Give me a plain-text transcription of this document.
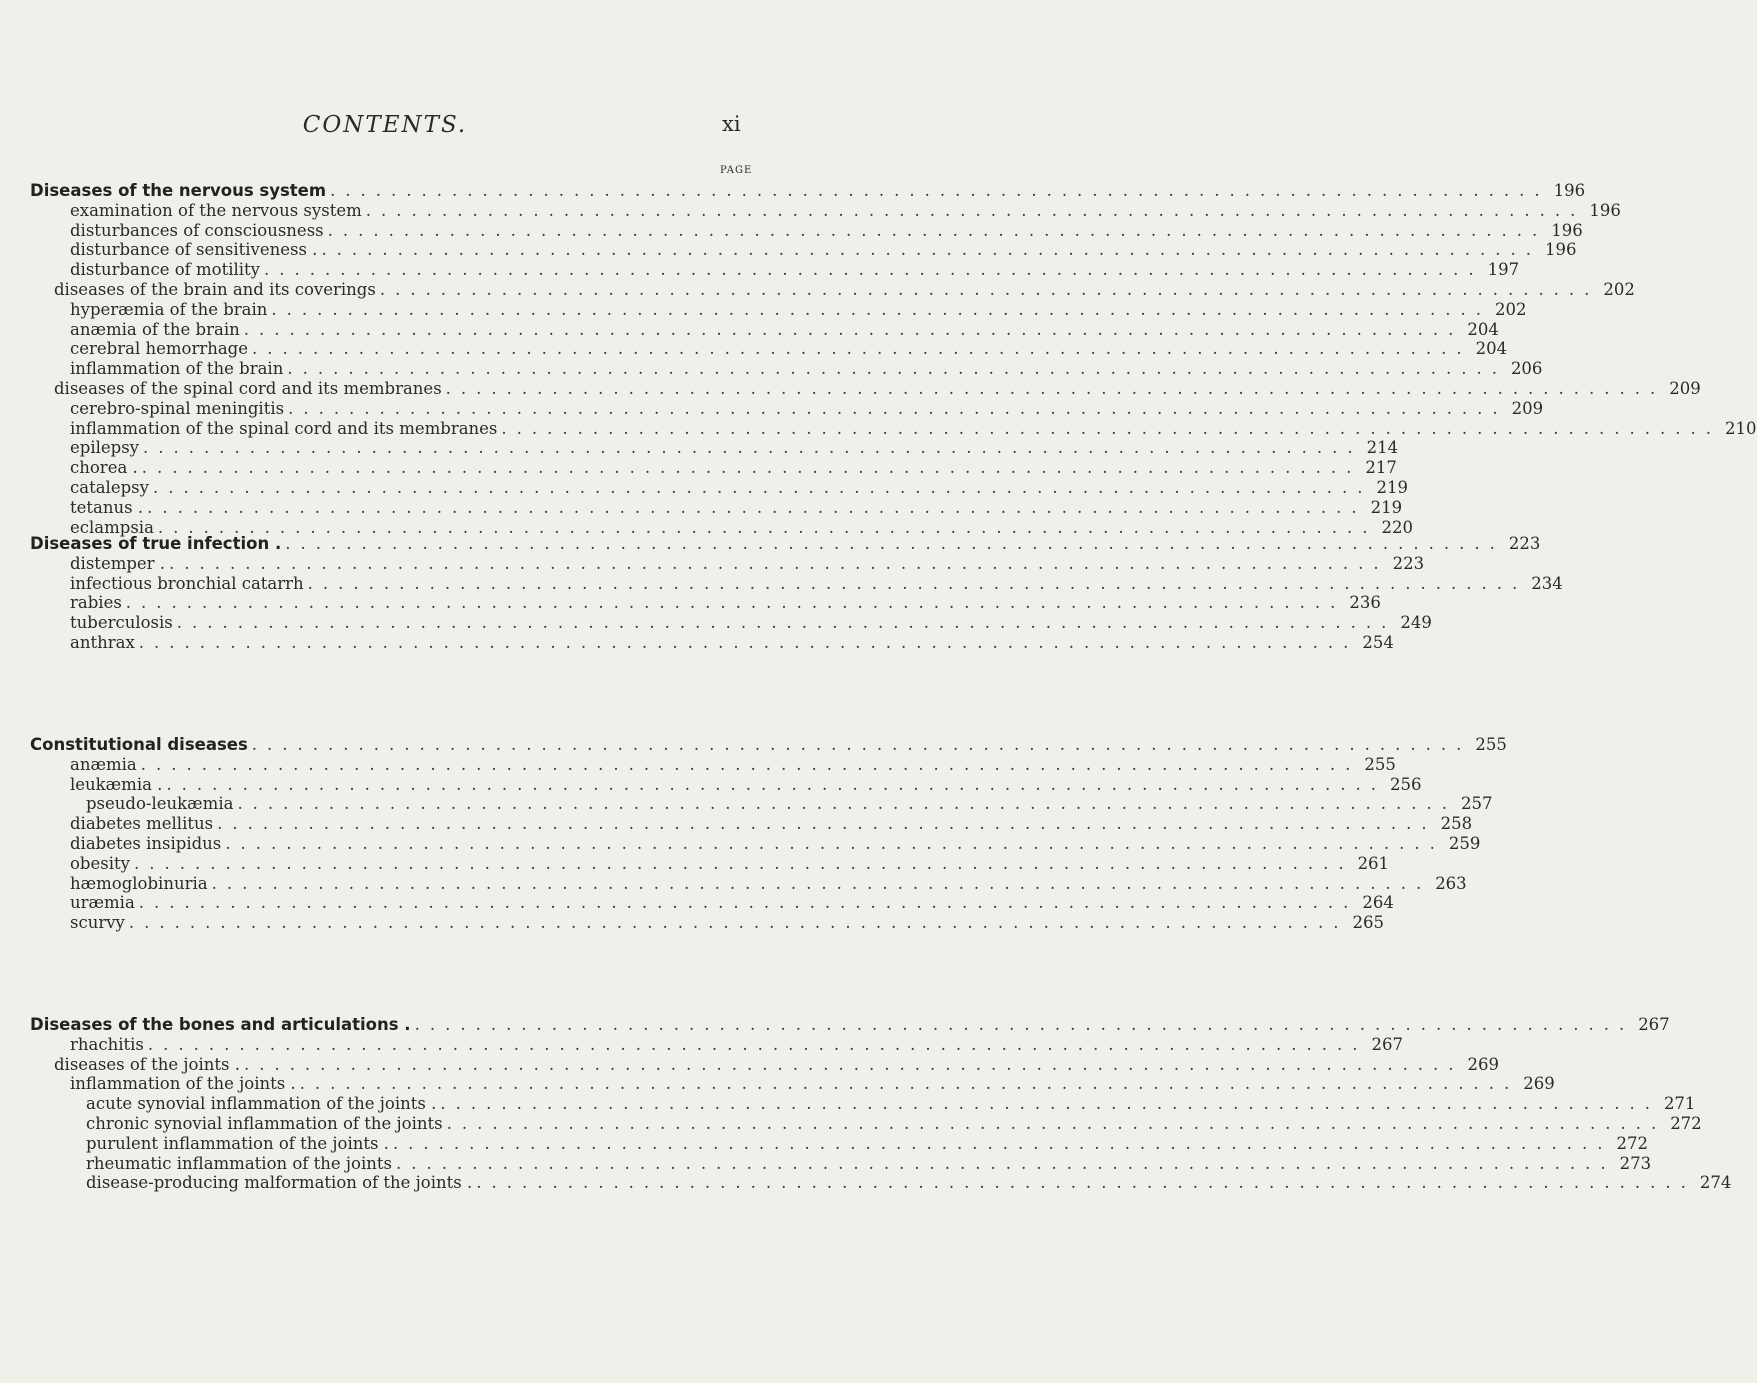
CONTENTS.	xi
PAGE
Diseases of the nervous system ................................................................................ 196
examination of the nervous system ................................................................................ 196
disturbances of consciousness ................................................................................ 196
disturbance of sensitiveness . ................................................................................ 196
disturbance of motility ................................................................................ 197
diseases of the brain and its coverings ................................................................................ 202
hyperæmia of the brain ................................................................................ 202
anæmia of the brain ................................................................................ 204
cerebral hemorrhage ................................................................................ 204
inflammation of the brain ................................................................................ 206
diseases of the spinal cord and its membranes ................................................................................ 209
cerebro-spinal meningitis ................................................................................ 209
inflammation of the spinal cord and its membranes ................................................................................ 210
epilepsy ................................................................................ 214
chorea . ................................................................................ 217
catalepsy ................................................................................ 219
tetanus . ................................................................................ 219
eclampsia ................................................................................ 220
Diseases of true infection . ................................................................................ 223
distemper . ................................................................................ 223
infectious bronchial catarrh ................................................................................ 234
rabies ................................................................................ 236
tuberculosis ................................................................................ 249
anthrax ................................................................................ 254
Constitutional diseases ................................................................................ 255
anæmia ................................................................................ 255
leukæmia . ................................................................................ 256
pseudo-leukæmia ................................................................................ 257
diabetes mellitus ................................................................................ 258
diabetes insipidus ................................................................................ 259
obesity ................................................................................ 261
hæmoglobinuria ................................................................................ 263
uræmia ................................................................................ 264
scurvy ................................................................................ 265
Diseases of the bones and articulations . ................................................................................ 267
rhachitis ................................................................................ 267
diseases of the joints . ................................................................................ 269
inflammation of the joints . ................................................................................ 269
acute synovial inflammation of the joints . ................................................................................ 271
chronic synovial inflammation of the joints ................................................................................ 272
purulent inflammation of the joints . ................................................................................ 272
rheumatic inflammation of the joints ................................................................................ 273
disease-producing malformation of the joints . ................................................................................ 274
